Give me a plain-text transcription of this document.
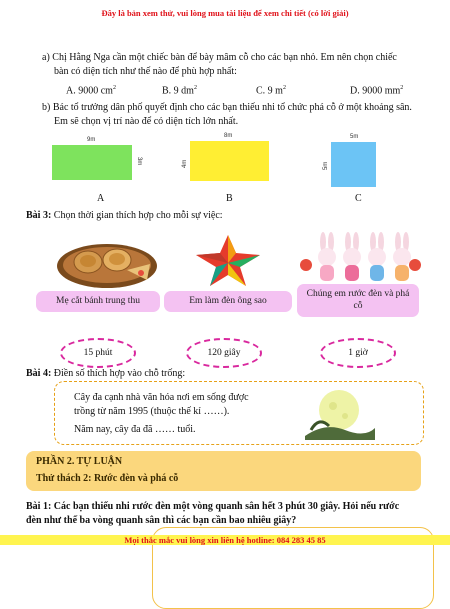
Đây là bản xem thử, vui lòng mua tài liệu để xem chi tiết (có lời giải)
a) Chị Hằng Nga cần một chiếc bàn để bày mâm cỗ cho các bạn nhỏ. Em nên chọn chiếc
bàn có diện tích như thế nào để phù hợp nhất:
A. 9000 $cm^2$	B. 9 $dm^2$	C. 9 $m^2$	D. 9000 $mm^2$
b) Bác tổ trưởng dân phố quyết định cho các bạn thiếu nhi tổ chức phá cỗ ở một khoảng sân.
Em sẽ chọn vị trí nào để có diện tích lớn nhất.
9m
3m
A
8m
4m
B
5m
5m
C
Bài 3: Chọn thời gian thích hợp cho mỗi sự việc:
Mẹ cắt bánh trung thu	Em làm đèn ông sao
Chúng em rước đèn và phá cỗ
15 phút	120 giây	1 giờ
Bài 4: Điền số thích hợp vào chỗ trống:
Cây đa cạnh nhà văn hóa nơi em sống được
trồng từ năm 1995 (thuộc thế kỉ ……).
Năm nay, cây đa đã …… tuổi.
PHẦN 2. TỰ LUẬN
Thử thách 2: Rước đèn và phá cỗ
Bài 1: Các bạn thiếu nhi rước đèn một vòng quanh sân hết 3 phút 30 giây. Hỏi nếu rước
đèn như thế ba vòng quanh sân thì các bạn cần bao nhiêu giây?
Mọi thắc mắc vui lòng xin liên hệ hotline: 084 283 45 85
